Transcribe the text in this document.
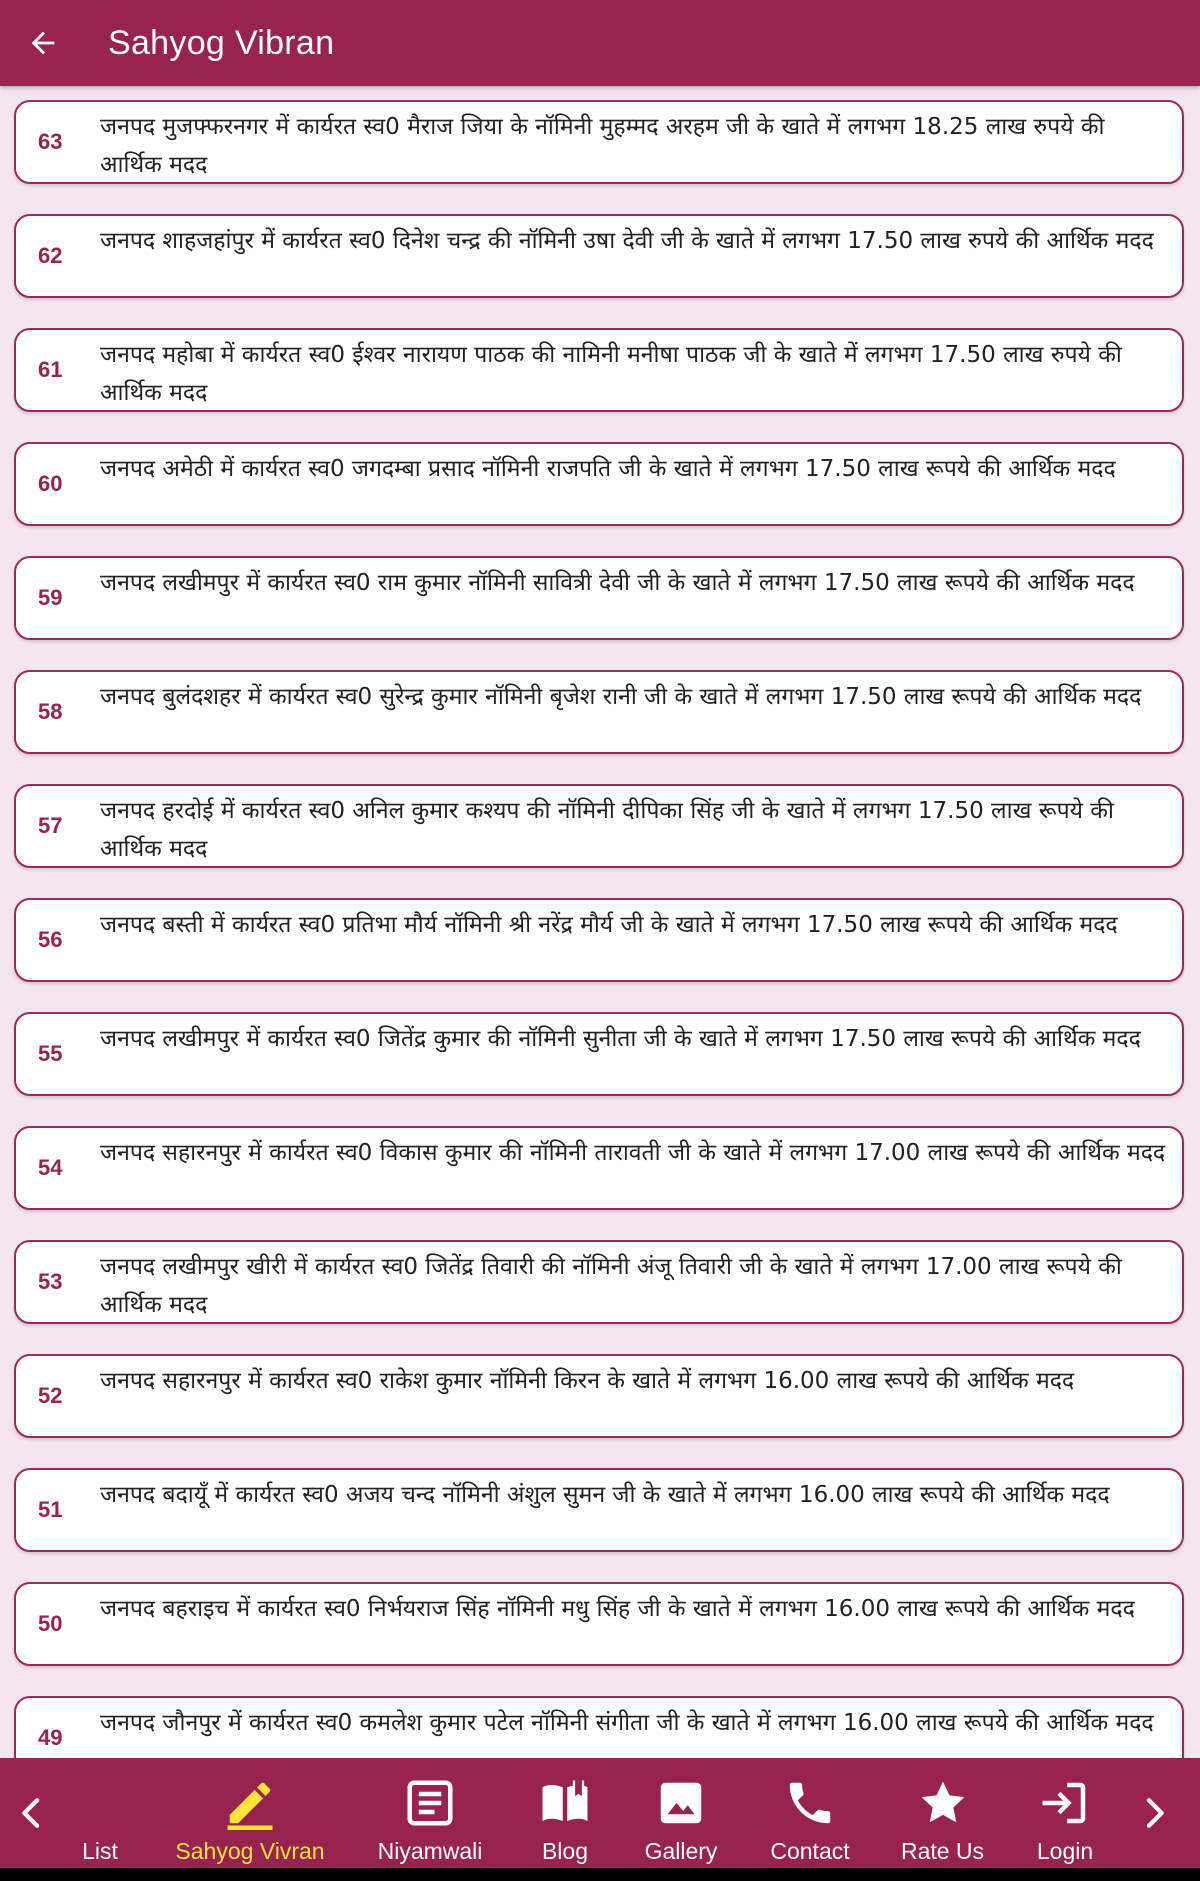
Sahyog Vibran
63
जनपद मुजफ्फरनगर में कार्यरत स्व0 मैराज जिया के नॉमिनी मुहम्मद अरहम जी के खाते में लगभग 18.25 लाख रुपये की आर्थिक मदद
62
जनपद शाहजहांपुर में कार्यरत स्व0 दिनेश चन्द्र की नॉमिनी उषा देवी जी के खाते में लगभग 17.50 लाख रुपये की आर्थिक मदद
61
जनपद महोबा में कार्यरत स्व0 ईश्वर नारायण पाठक की नामिनी मनीषा पाठक जी के खाते में लगभग 17.50 लाख रुपये की आर्थिक मदद
60
जनपद अमेठी में कार्यरत स्व0 जगदम्बा प्रसाद नॉमिनी राजपति जी के खाते में लगभग 17.50 लाख रूपये की आर्थिक मदद
59
जनपद लखीमपुर में कार्यरत स्व0 राम कुमार नॉमिनी सावित्री देवी जी के खाते में लगभग 17.50 लाख रूपये की आर्थिक मदद
58
जनपद बुलंदशहर में कार्यरत स्व0 सुरेन्द्र कुमार नॉमिनी बृजेश रानी जी के खाते में लगभग 17.50 लाख रूपये की आर्थिक मदद
57
जनपद हरदोई में कार्यरत स्व0 अनिल कुमार कश्यप की नॉमिनी दीपिका सिंह जी के खाते में लगभग 17.50 लाख रूपये की आर्थिक मदद
56
जनपद बस्ती में कार्यरत स्व0 प्रतिभा मौर्य नॉमिनी श्री नरेंद्र मौर्य जी के खाते में लगभग 17.50 लाख रूपये की आर्थिक मदद
55
जनपद लखीमपुर में कार्यरत स्व0 जितेंद्र कुमार की नॉमिनी सुनीता जी के खाते में लगभग 17.50 लाख रूपये की आर्थिक मदद
54
जनपद सहारनपुर में कार्यरत स्व0 विकास कुमार की नॉमिनी तारावती जी के खाते में लगभग 17.00 लाख रूपये की आर्थिक मदद
53
जनपद लखीमपुर खीरी में कार्यरत स्व0 जितेंद्र तिवारी की नॉमिनी अंजू तिवारी जी के खाते में लगभग 17.00 लाख रूपये की आर्थिक मदद
52
जनपद सहारनपुर में कार्यरत स्व0 राकेश कुमार नॉमिनी किरन के खाते में लगभग 16.00 लाख रूपये की आर्थिक मदद
51
जनपद बदायूँ में कार्यरत स्व0 अजय चन्द नॉमिनी अंशुल सुमन जी के खाते में लगभग 16.00 लाख रूपये की आर्थिक मदद
50
जनपद बहराइच में कार्यरत स्व0 निर्भयराज सिंह नॉमिनी मधु सिंह जी के खाते में लगभग 16.00 लाख रूपये की आर्थिक मदद
49
जनपद जौनपुर में कार्यरत स्व0 कमलेश कुमार पटेल नॉमिनी संगीता जी के खाते में लगभग 16.00 लाख रूपये की आर्थिक मदद
List	Sahyog Vivran Niyamwali	Blog Gallery Contact Rate Us Login
